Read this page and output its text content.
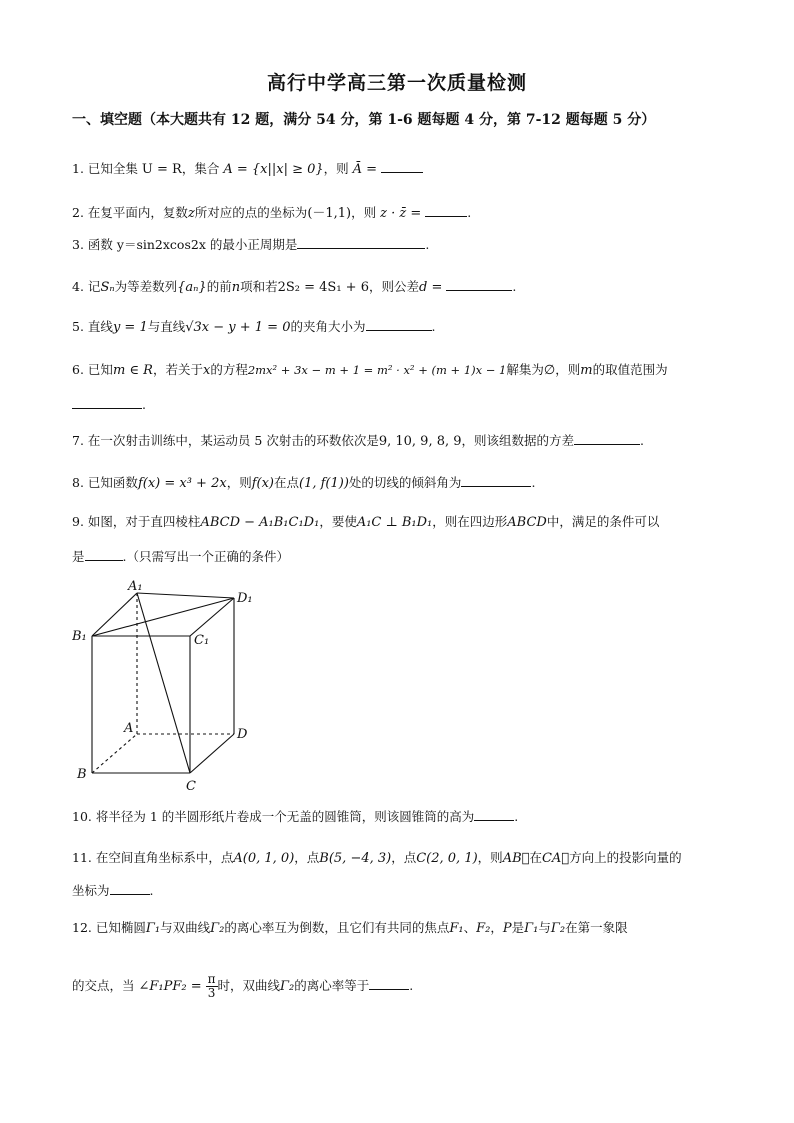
高行中学高三第一次质量检测
一、填空题（本大题共有 12 题，满分 54 分，第 1-6 题每题 4 分，第 7-12 题每题 5 分）
1. 已知全集 U = R，集合 A = {x||x| ≥ 0}，则 Ā =
2. 在复平面内，复数z所对应的点的坐标为(－1,1)，则 z · z̄ =	.
3. 函数 y＝sin2xcos2x 的最小正周期是	.
4. 记Sₙ为等差数列{aₙ}的前n项和若2S₂ = 4S₁ + 6，则公差d =	.
5. 直线y = 1与直线√3x − y + 1 = 0的夹角大小为	.
6. 已知m ∈ R，若关于x的方程2mx² + 3x − m + 1 = m² · x² + (m + 1)x − 1解集为∅，则m的取值范围为
.
7. 在一次射击训练中，某运动员 5 次射击的环数依次是9, 10, 9, 8, 9，则该组数据的方差	.
8. 已知函数f(x) = x³ + 2x，则f(x)在点(1, f(1))处的切线的倾斜角为	.
9. 如图，对于直四棱柱ABCD − A₁B₁C₁D₁，要使A₁C ⊥ B₁D₁，则在四边形ABCD中，满足的条件可以
是	.（只需写出一个正确的条件）
A₁
D₁
B₁	C₁
A	D
B
C
10. 将半径为 1 的半圆形纸片卷成一个无盖的圆锥筒，则该圆锥筒的高为	.
11. 在空间直角坐标系中，点A(0, 1, 0)，点B(5, −4, 3)，点C(2, 0, 1)，则AB⃗在CA⃗方向上的投影向量的
坐标为	.
12. 已知椭圆Γ₁与双曲线Γ₂的离心率互为倒数，且它们有共同的焦点F₁、F₂，P是Γ₁与Γ₂在第一象限
的交点，当 ∠F₁PF₂ = $\frac{\pi}{3}$ 时，双曲线Γ₂的离心率等于	.
